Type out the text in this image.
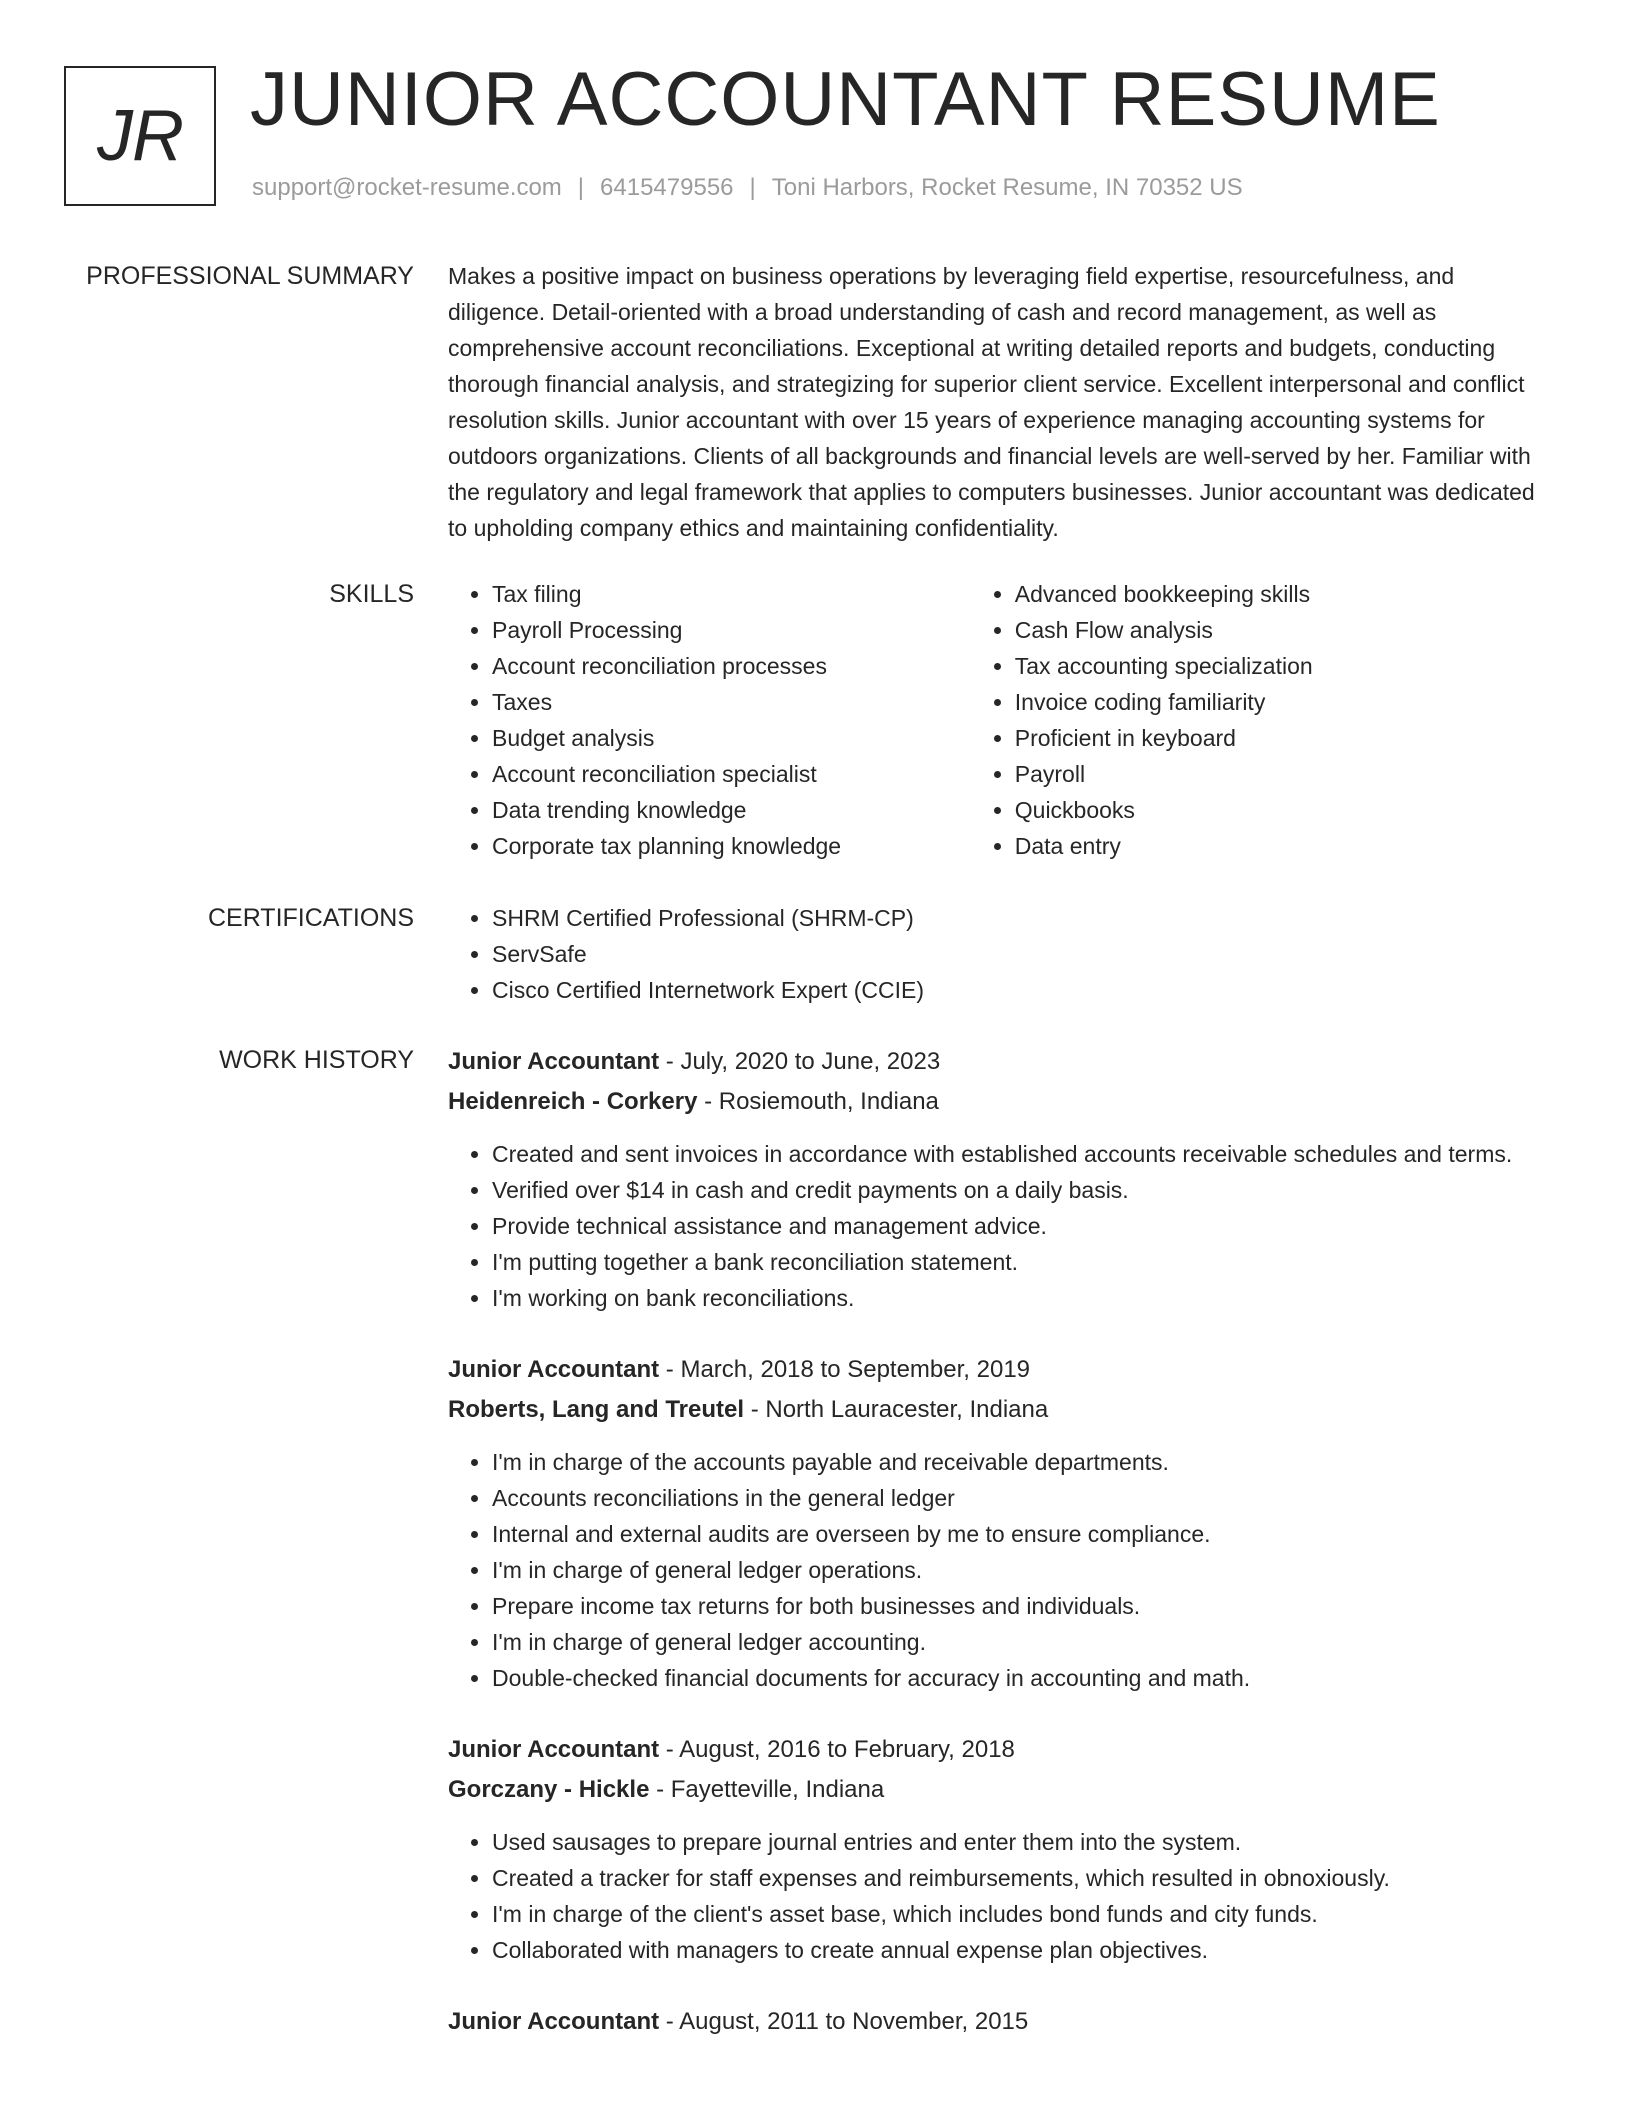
JR JUNIOR ACCOUNTANT RESUME
support@rocket-resume.com | 6415479556 | Toni Harbors, Rocket Resume, IN 70352 US
PROFESSIONAL SUMMARY Makes a positive impact on business operations by leveraging field expertise, resourcefulness, and diligence. Detail-oriented with a broad understanding of cash and record management, as well as comprehensive account reconciliations. Exceptional at writing detailed reports and budgets, conducting thorough financial analysis, and strategizing for superior client service. Excellent interpersonal and conflict resolution skills. Junior accountant with over 15 years of experience managing accounting systems for outdoors organizations. Clients of all backgrounds and financial levels are well-served by her. Familiar with the regulatory and legal framework that applies to computers businesses. Junior accountant was dedicated to upholding company ethics and maintaining confidentiality.
SKILLS	• Tax filing
• Payroll Processing
• Account reconciliation processes
• Taxes
• Budget analysis
• Account reconciliation specialist
• Data trending knowledge
• Corporate tax planning knowledge
• Advanced bookkeeping skills
• Cash Flow analysis
• Tax accounting specialization
• Invoice coding familiarity
• Proficient in keyboard
• Payroll
• Quickbooks
• Data entry
CERTIFICATIONS	• SHRM Certified Professional (SHRM-CP)
• ServSafe
• Cisco Certified Internetwork Expert (CCIE)
WORK HISTORY Junior Accountant - July, 2020 to June, 2023
Heidenreich - Corkery - Rosiemouth, Indiana
• Created and sent invoices in accordance with established accounts receivable schedules and terms.
• Verified over $14 in cash and credit payments on a daily basis.
• Provide technical assistance and management advice.
• I'm putting together a bank reconciliation statement.
• I'm working on bank reconciliations.
Junior Accountant - March, 2018 to September, 2019
Roberts, Lang and Treutel - North Lauracester, Indiana
• I'm in charge of the accounts payable and receivable departments.
• Accounts reconciliations in the general ledger
• Internal and external audits are overseen by me to ensure compliance.
• I'm in charge of general ledger operations.
• Prepare income tax returns for both businesses and individuals.
• I'm in charge of general ledger accounting.
• Double-checked financial documents for accuracy in accounting and math.
Junior Accountant - August, 2016 to February, 2018
Gorczany - Hickle - Fayetteville, Indiana
• Used sausages to prepare journal entries and enter them into the system.
• Created a tracker for staff expenses and reimbursements, which resulted in obnoxiously.
• I'm in charge of the client's asset base, which includes bond funds and city funds.
• Collaborated with managers to create annual expense plan objectives.
Junior Accountant - August, 2011 to November, 2015
